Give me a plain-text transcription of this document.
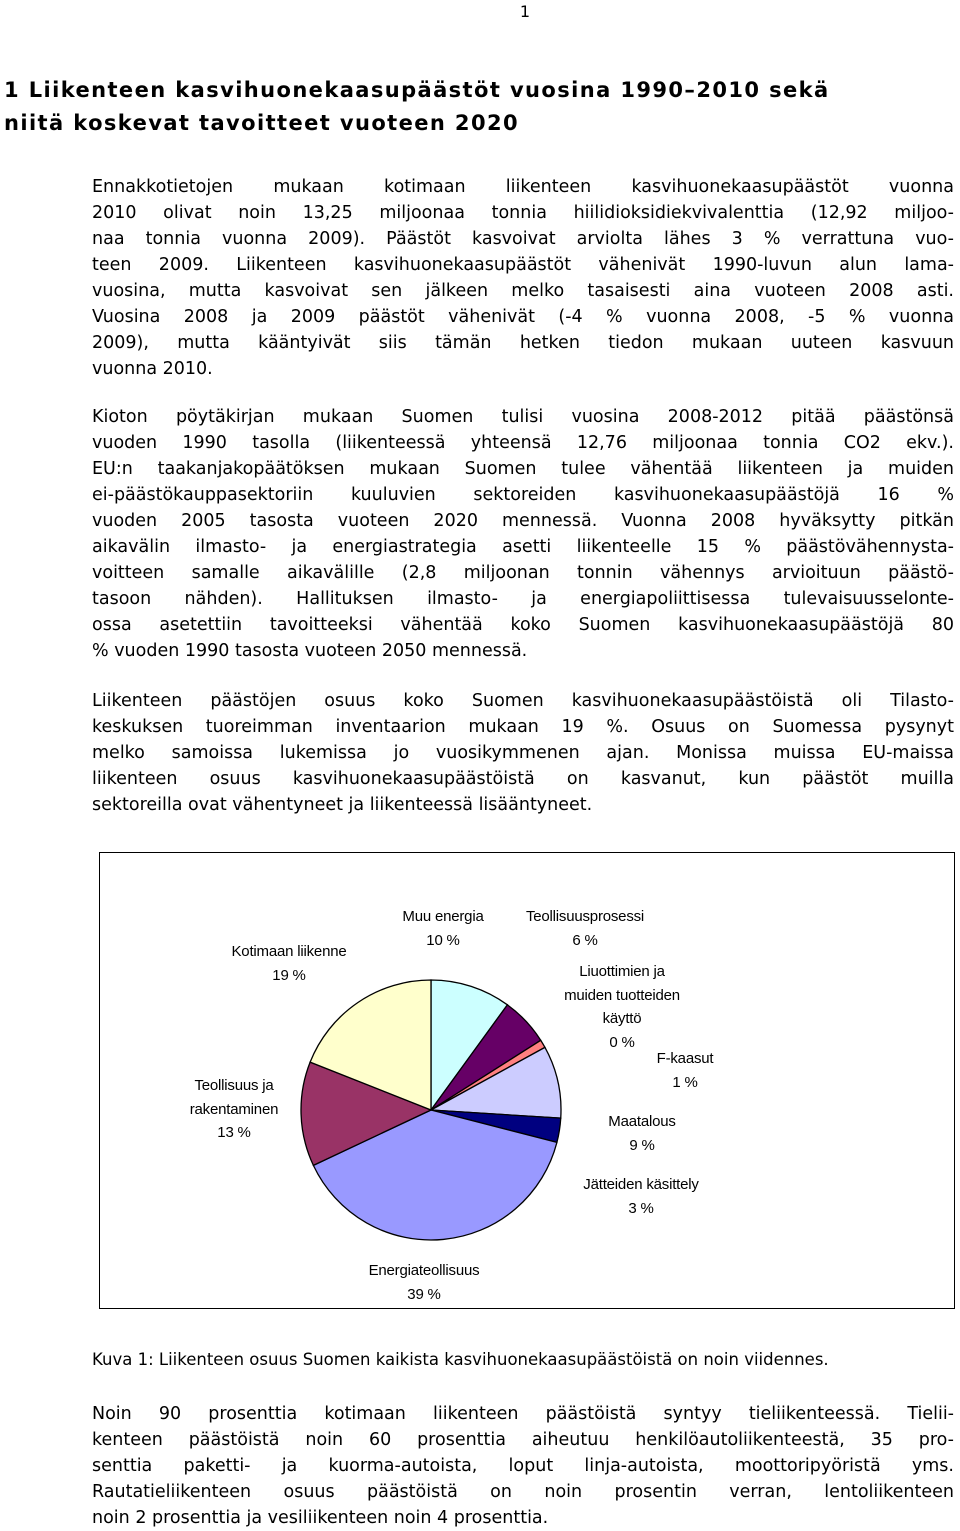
1
1 Liikenteen kasvihuonekaasupäästöt vuosina 1990–2010 sekä
niitä koskevat tavoitteet vuoteen 2020
Ennakkotietojen mukaan kotimaan liikenteen kasvihuonekaasupäästöt vuonna
2010 olivat noin 13,25 miljoonaa tonnia hiilidioksidiekvivalenttia (12,92 miljoo-
naa tonnia vuonna 2009). Päästöt kasvoivat arviolta lähes 3 % verrattuna vuo-
teen 2009. Liikenteen kasvihuonekaasupäästöt vähenivät 1990-luvun alun lama-
vuosina, mutta kasvoivat sen jälkeen melko tasaisesti aina vuoteen 2008 asti.
Vuosina 2008 ja 2009 päästöt vähenivät (-4 % vuonna 2008, -5 % vuonna
2009), mutta kääntyivät siis tämän hetken tiedon mukaan uuteen kasvuun
vuonna 2010.
Kioton pöytäkirjan mukaan Suomen tulisi vuosina 2008-2012 pitää päästönsä
vuoden 1990 tasolla (liikenteessä yhteensä 12,76 miljoonaa tonnia CO2 ekv.).
EU:n taakanjakopäätöksen mukaan Suomen tulee vähentää liikenteen ja muiden
ei-päästökauppasektoriin kuuluvien sektoreiden kasvihuonekaasupäästöjä 16 %
vuoden 2005 tasosta vuoteen 2020 mennessä. Vuonna 2008 hyväksytty pitkän
aikavälin ilmasto- ja energiastrategia asetti liikenteelle 15 % päästövähennysta-
voitteen samalle aikavälille (2,8 miljoonan tonnin vähennys arvioituun päästö-
tasoon nähden). Hallituksen ilmasto- ja energiapoliittisessa tulevaisuusselonte-
ossa asetettiin tavoitteeksi vähentää koko Suomen kasvihuonekaasupäästöjä 80
% vuoden 1990 tasosta vuoteen 2050 mennessä.
Liikenteen päästöjen osuus koko Suomen kasvihuonekaasupäästöistä oli Tilasto-
keskuksen tuoreimman inventaarion mukaan 19 %. Osuus on Suomessa pysynyt
melko samoissa lukemissa jo vuosikymmenen ajan. Monissa muissa EU-maissa
liikenteen osuus kasvihuonekaasupäästöistä on kasvanut, kun päästöt muilla
sektoreilla ovat vähentyneet ja liikenteessä lisääntyneet.
Noin 90 prosenttia kotimaan liikenteen päästöistä syntyy tieliikenteessä. Tielii-
kenteen päästöistä noin 60 prosenttia aiheutuu henkilöautoliikenteestä, 35 pro-
senttia paketti- ja kuorma-autoista, loput linja-autoista, moottoripyöristä yms.
Rautatieliikenteen osuus päästöistä on noin prosentin verran, lentoliikenteen
noin 2 prosenttia ja vesiliikenteen noin 4 prosenttia.
Muu energia
10 %
Teollisuusprosessi
6 %
Liuottimien ja
muiden tuotteiden
käyttö
0 %
F-kaasut
1 %
Maatalous
9 %
Jätteiden käsittely
3 %
Energiateollisuus
39 %
Teollisuus ja
rakentaminen
13 %
Kotimaan liikenne
19 %
Kuva 1: Liikenteen osuus Suomen kaikista kasvihuonekaasupäästöistä on noin viidennes.
